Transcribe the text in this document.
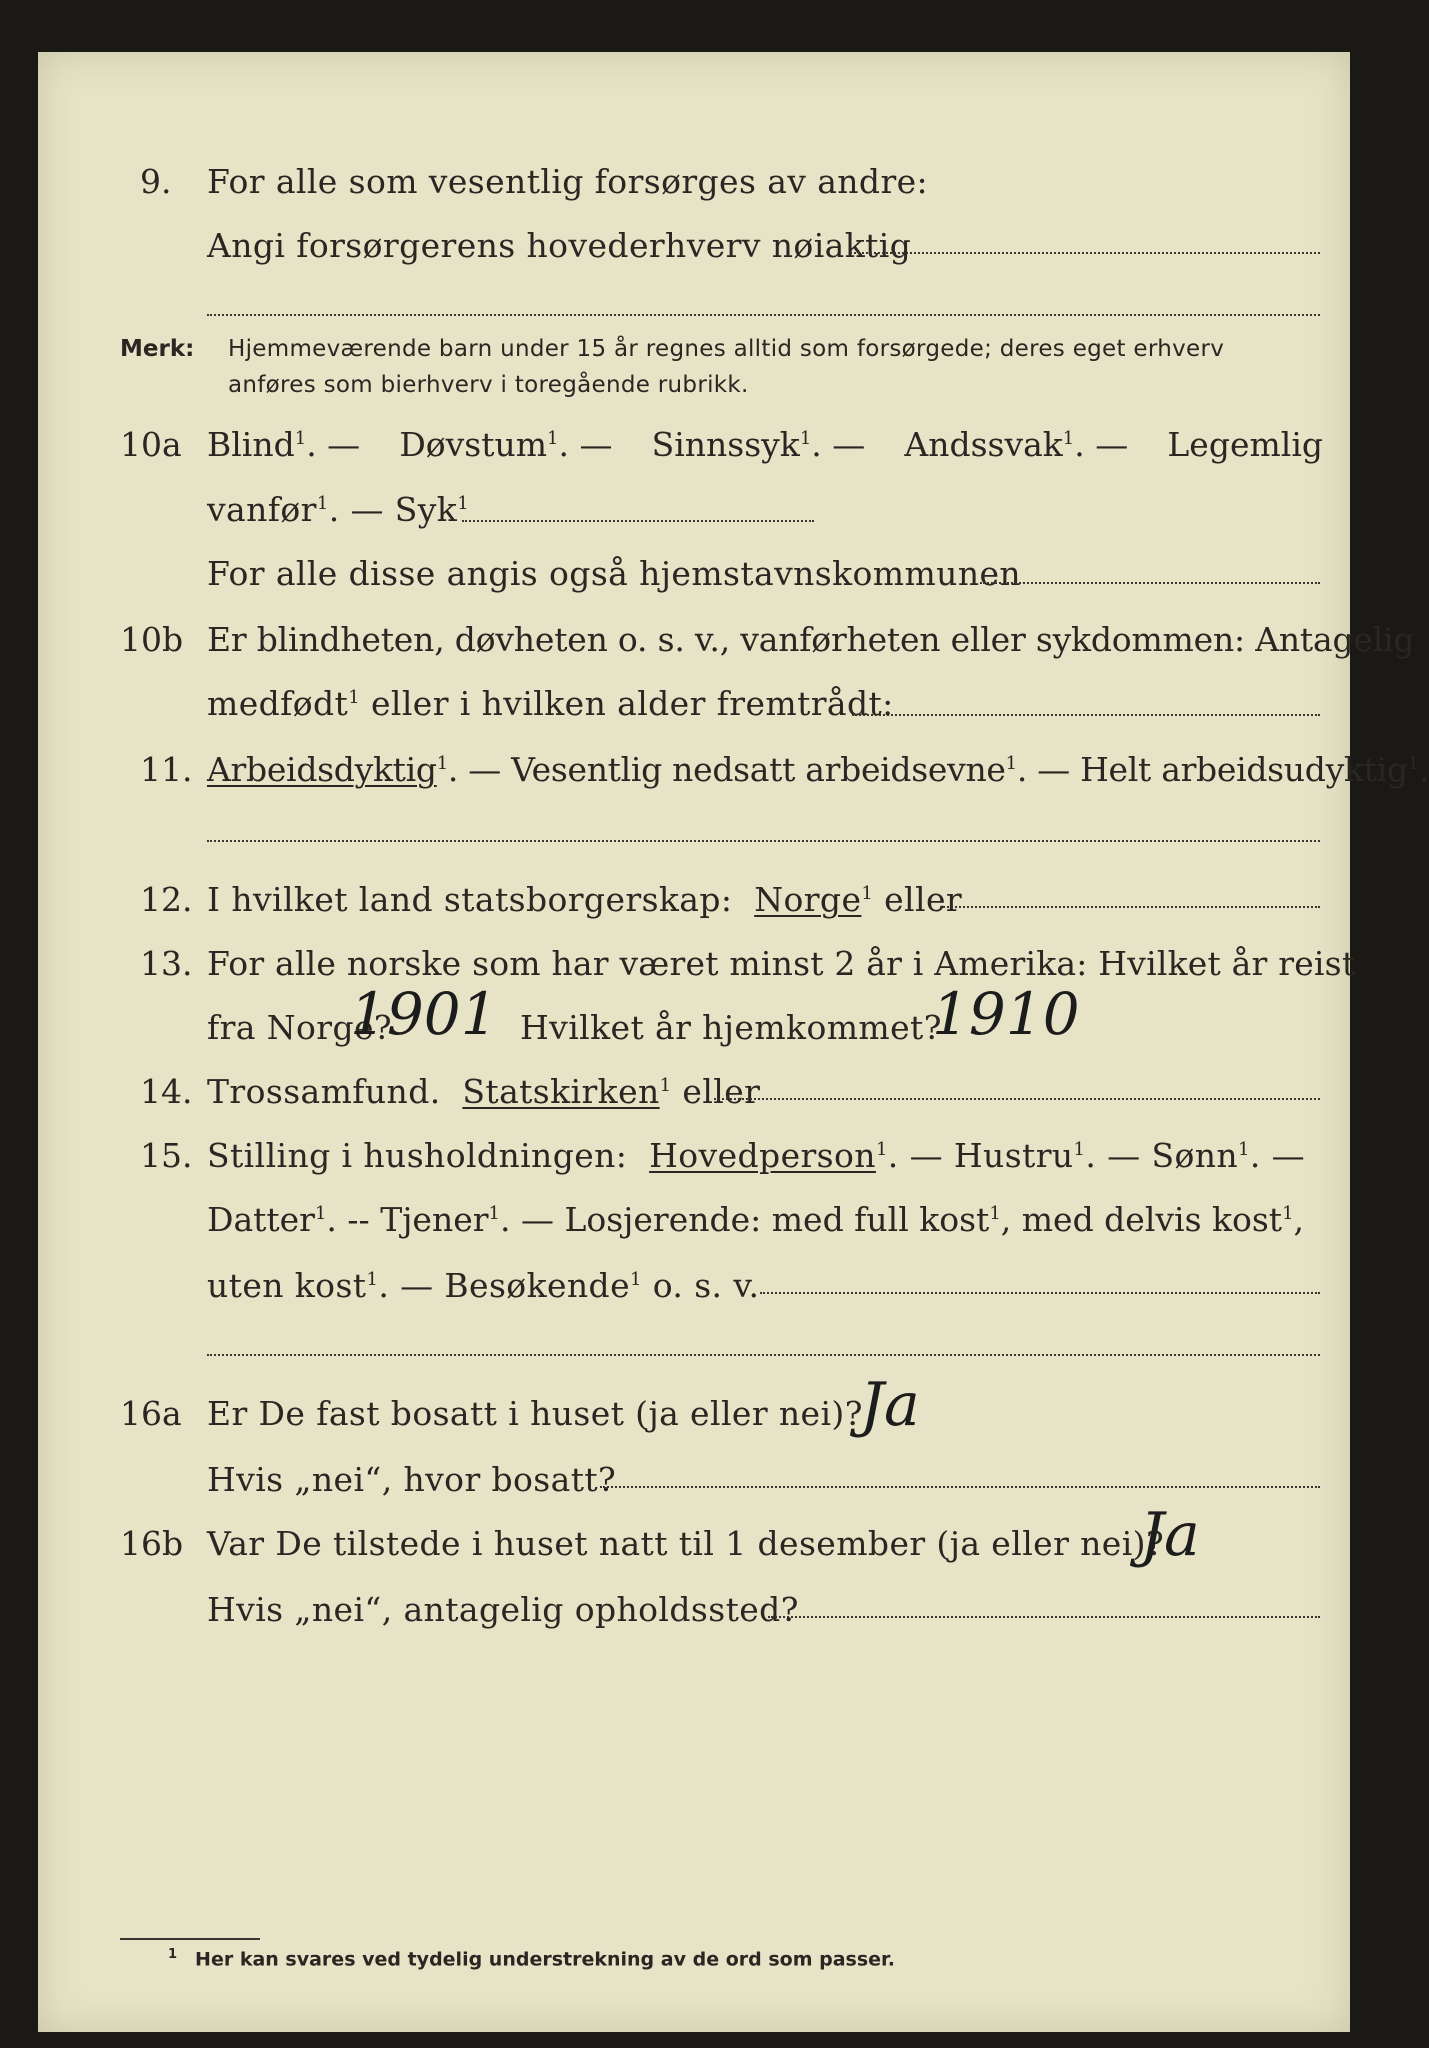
9. For alle som vesentlig forsørges av andre:
Angi forsørgerens hovederhverv nøiaktig
Merk: Hjemmeværende barn under 15 år regnes alltid som forsørgede; deres eget erhverv
anføres som bierhverv i toregående rubrikk.
10a Blind$^1$. — Døvstum$^1$. — Sinnssyk$^1$. — Andssvak$^1$. — Legemlig
vanfør$^1$. — Syk$^1$
For alle disse angis også hjemstavnskommunen
10b Er blindheten, døvheten o. s. v., vanførheten eller sykdommen: Antagelig
medfødt$^1$ eller i hvilken alder fremtrådt:
11. Arbeidsdyktig$^1$. — Vesentlig nedsatt arbeidsevne$^1$. — Helt arbeidsudyktig$^1$.
12. I hvilket land statsborgerskap: Norge$^1$ eller
13. For alle norske som har været minst 2 år i Amerika: Hvilket år reist
fra Norge?
1901 Hvilket år hjemkommet?
1910
14. Trossamfund. Statskirken$^1$ eller
15. Stilling i husholdningen: Hovedperson$^1$. — Hustru$^1$. — Sønn$^1$. —
Datter$^1$. -- Tjener$^1$. — Losjerende: med full kost$^1$, med delvis kost$^1$,
uten kost$^1$. — Besøkende$^1$ o. s. v.
16a Er De fast bosatt i huset (ja eller nei)?
Ja
Hvis „nei“, hvor bosatt?
16b Var De tilstede i huset natt til 1 desember (ja eller nei)?
Ja
Hvis „nei“, antagelig opholdssted?
$^1$ Her kan svares ved tydelig understrekning av de ord som passer.
